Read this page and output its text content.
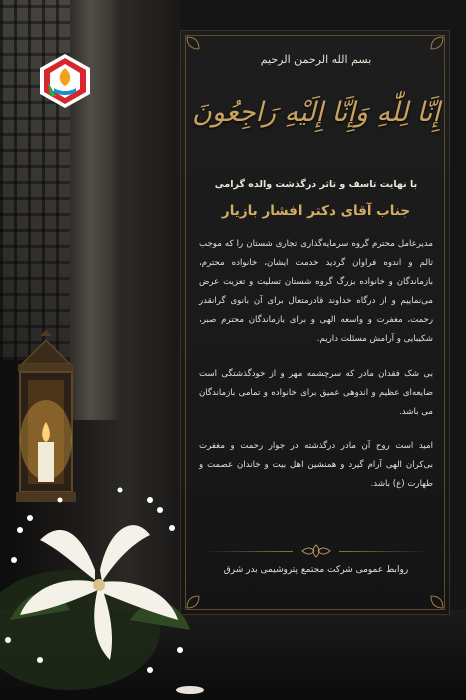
بسم الله الرحمن الرحیم
إِنَّا لِلّٰهِ وَإِنَّا إِلَیْهِ رَاجِعُونَ
با نهایت تاسف و تاثر درگذشت والده گرامی
جناب آقای دکتر افشار بازیار
مدیرعامل محترم گروه سرمایه‌گذاری تجاری شستان را که موجب تالم و اندوه فراوان گردید خدمت ایشان، خانواده محترم، بازماندگان و خانواده بزرگ گروه شستان تسلیت و تعزیت عرض می‌نماییم و از درگاه خداوند قادرمتعال برای آن بانوی گرانقدر رحمت، مغفرت و واسعه الهی و برای بازماندگان محترم صبر، شکیبایی و آرامش مسئلت داریم.
بی شک فقدان مادر که سرچشمه مهر و از خودگذشتگی است ضایعه‌ای عظیم و اندوهی عمیق برای خانواده و تمامی بازماندگان می باشد.
امید است روح آن مادر درگذشته در جوار رحمت و مغفرت بی‌کران الهی آرام گیرد و همنشین اهل بیت و خاندان عصمت و طهارت (ع) باشد.
روابط عمومی شرکت مجتمع پتروشیمی بدر شرق
